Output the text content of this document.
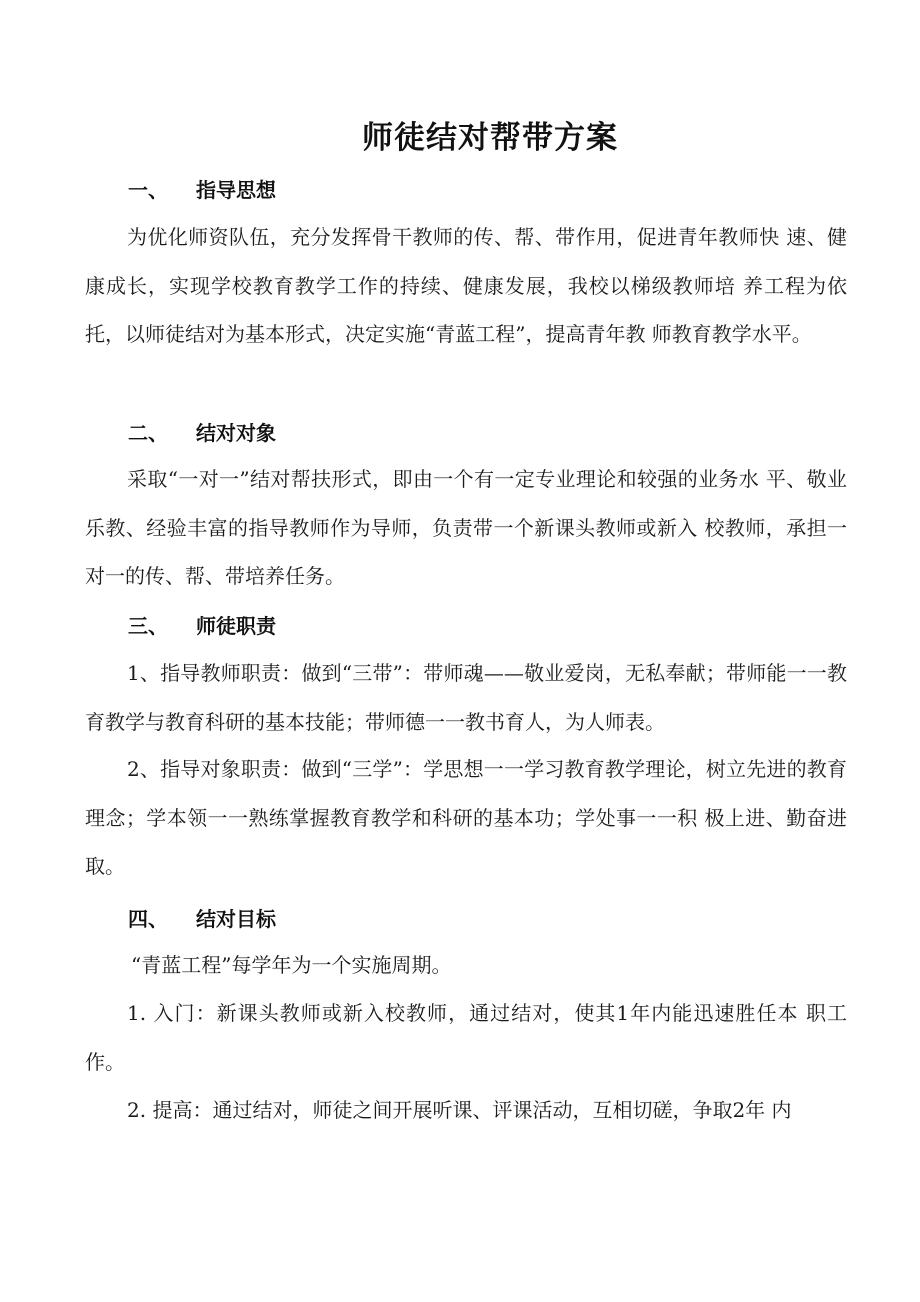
师徒结对帮带方案
一、	指导思想

为优化师资队伍，充分发挥骨干教师的传、帮、带作用，促进青年教师快 速、健康成长，实现学校教育教学工作的持续、健康发展，我校以梯级教师培 养工程为依托，以师徒结对为基本形式，决定实施“青蓝工程”，提高青年教 师教育教学水平。

二、	结对对象

采取“一对一”结对帮扶形式，即由一个有一定专业理论和较强的业务水 平、敬业乐教、经验丰富的指导教师作为导师，负责带一个新课头教师或新入 校教师，承担一对一的传、帮、带培养任务。

三、	师徒职责

1、指导教师职责：做到“三带”：带师魂——敬业爱岗，无私奉献；带师能一一教育教学与教育科研的基本技能；带师德一一教书育人，为人师表。

2、指导对象职责：做到“三学”：学思想一一学习教育教学理论，树立先进的教育理念；学本领一一熟练掌握教育教学和科研的基本功；学处事一一积 极上进、勤奋进取。

四、	结对目标

“青蓝工程”每学年为一个实施周期。

1. 入门：新课头教师或新入校教师，通过结对，使其1年内能迅速胜任本 职工作。

2. 提高：通过结对，师徒之间开展听课、评课活动，互相切磋，争取2年 内
